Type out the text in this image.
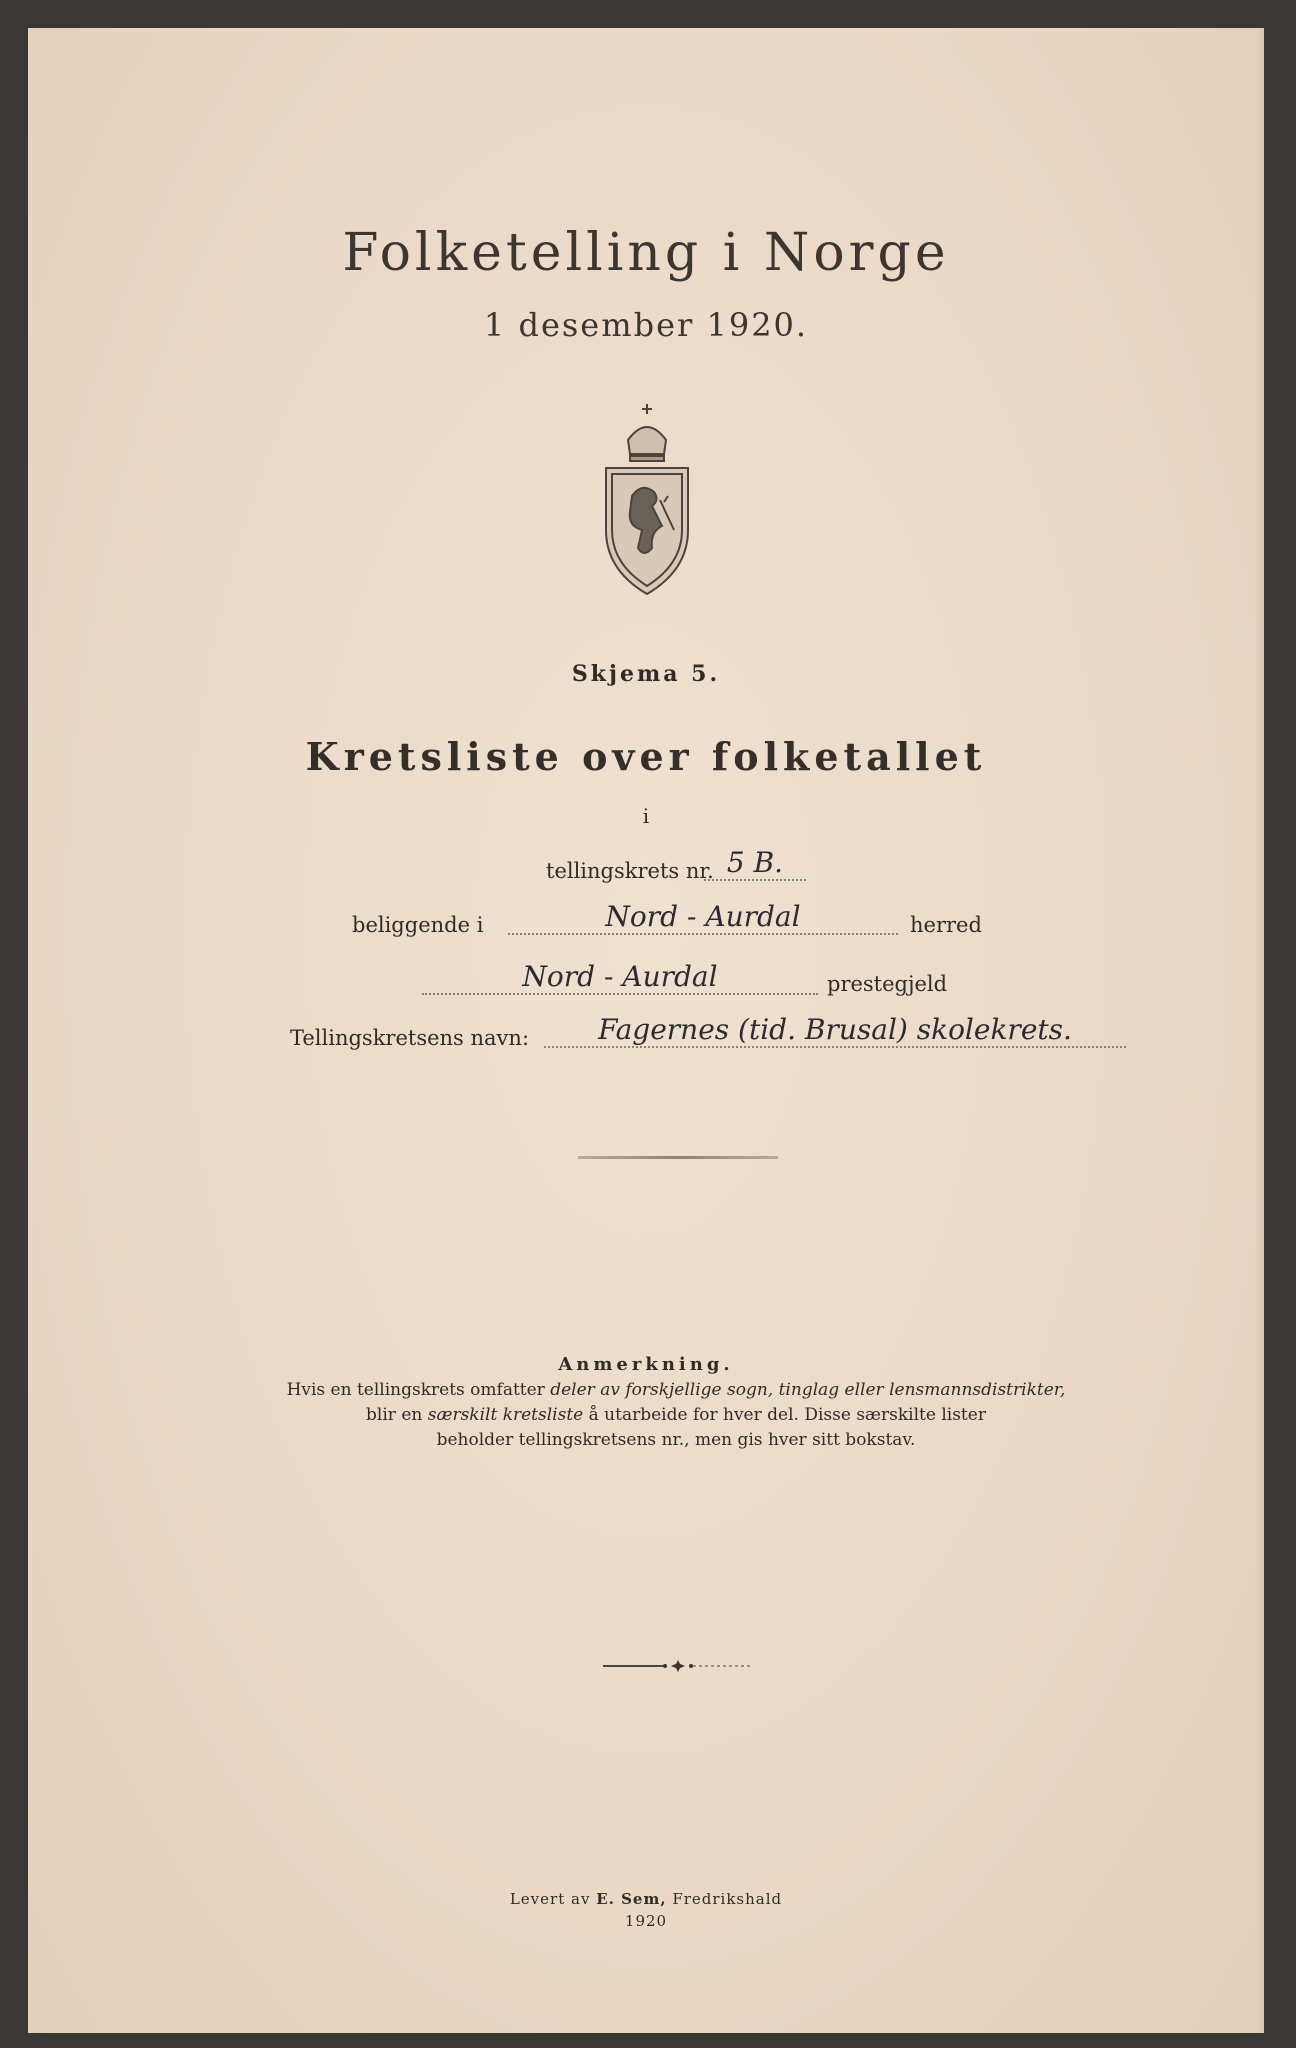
Folketelling i Norge
1 desember 1920.
Skjema 5.
Kretsliste over folketallet
i
tellingskrets nr. 5 B.
beliggende i	Nord - Aurdal	herred
Nord - Aurdal	prestegjeld
Tellingskretsens navn:	Fagernes (tid. Brusal) skolekrets.
Anmerkning.
Hvis en tellingskrets omfatter deler av forskjellige sogn, tinglag eller lensmannsdistrikter,
blir en særskilt kretsliste å utarbeide for hver del. Disse særskilte lister
beholder tellingskretsens nr., men gis hver sitt bokstav.
Levert av E. Sem, Fredrikshald
1920
